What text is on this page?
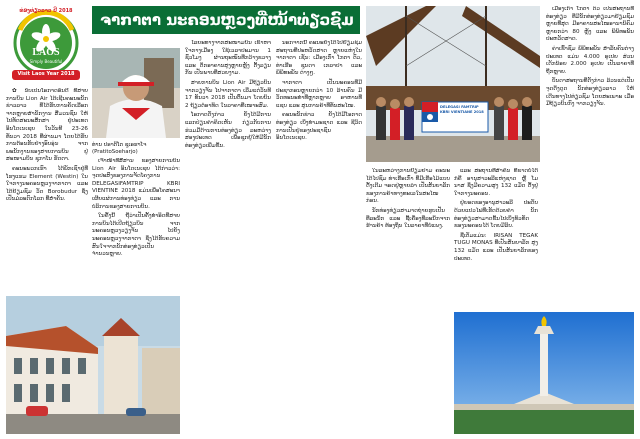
ທ່ອງທ່ຽວລາວ ປີ 2018
LAOS
Simply Beautiful
Visit Laos Year 2018
ຈາກາຕາ ນະຄອນຫຼວງທີ່ໜ້າທ່ຽວຊົມ

✿ ນັບເປັນໂອກາດອັນດີ ທີ່ສາຍການບິນ Lion Air ໄດ້ເຊີນຄະນະນັກຂ່າວລາວ ທີ່ໄດ້ຮັບການຄັດເລືອກ ຈາກຫຼາຍສຳນັກງານ ສື່ມວນຊົນ ໃຫ້ໄປທັດສະນະສຶກສາ ຢູ່ປະເທດອິນໂດເນເຊຍ ໃນວັນທີ 23-26 ທັນວາ 2018 ທີ່ຜ່ານມາ ໂດຍໄດ້ຮັບການຕ້ອນຮັບຢ່າງອົບອຸ່ນ ຈາກພະນັກງານຂອງສາຍການບິນ ຢູ່ສະໜາມບິນ ຊຸກາໂນ ຮັດຕາ.

ຄະນະພວກເຮົາ ໄດ້ພັກເຊົາຢູ່ທີ່ໂຮງແຮມ Element (Westin) ໃນໃຈກາງນະຄອນຫຼວງຈາກາຕາ ແລະ ໄດ້ຢ້ຽມຊົມ ວັດ Borobudur ຊຶ່ງເປັນມໍລະດົກໂລກ ທີ່ສຳຄັນ.

ທ່ານ ປຣາຕິໂຕ ຊູເອຮາໂຈ (PratitoSoeharjo)

ເຈົ້າໜ້າທີ່ສື່ສານ ຂອງສາຍການບິນ Lion Air ອິນໂດເນເຊຍ ໄດ້ກ່າວວ່າ: ຈຸດປະສົງຂອງການຈັດໂຄງການ DELEGASIFAMTRIP KBRI VIENTINE 2018 ແມ່ນເພື່ອໂຄສະນາເຜີຍແຜ່ການທ່ອງທ່ຽວ ແລະ ການບໍລິການຂອງສາຍການບິນ.

ໃນຄັ້ງນີ້ ຖືວ່າເປັນຄັ້ງທຳອິດທີ່ສາຍການບິນໄດ້ເປີດຖ້ຽວບິນ ຈາກນະຄອນຫຼວງວຽງຈັນ ໄປຍັງນະຄອນຫຼວງຈາກາຕາ ຊຶ່ງໄດ້ຮັບຄວາມສົນໃຈຈາກນັກທ່ອງທ່ຽວເປັນຈຳນວນຫຼາຍ.

ໄລຍະທາງຈາກສະໜາມບິນ ເຂົ້າຫາໃຈກາງເມືອງ ໃຊ້ເວລາປະມານ 1 ຊົ່ວໂມງ ຜ່ານຖະໜົນທີ່ກວ້າງຂວາງ ແລະ ຕຶກອາຄານສູງຫຼາຍຫຼັງ ຕັ້ງລຽນກັນ ເປັນພາບທີ່ສວຍງາມ.

ສາຍການບິນ Lion Air ມີຖ້ຽວບິນ ຈາກວຽງຈັນ ໄປຈາກາຕາ ເລີ່ມແຕ່ວັນທີ 17 ທັນວາ 2018 ເປັນຕົ້ນມາ ໂດຍບິນ 2 ຖ້ຽວຕໍ່ອາທິດ ໃນລາຄາທີ່ເໝາະສົມ.

ໂອກາດດັ່ງກ່າວ ຍັງໄດ້ມີການແລກປ່ຽນຄຳຄິດເຫັນ ກ່ຽວກັບການຮ່ວມມືດ້ານການທ່ອງທ່ຽວ ລະຫວ່າງສອງປະເທດ ເພື່ອຊຸກຍູ້ໃຫ້ມີນັກທ່ອງທ່ຽວເພີ່ມຂຶ້ນ.

ນອກຈາກນີ້ ຄະນະຍັງໄດ້ໄປຢ້ຽມຊົມ ສະຖານທີ່ປະຫວັດສາດ ຫຼາຍແຫ່ງໃນຈາກາຕາ ເຊັ່ນ: ເມືອງເກົ່າ ໂກຕາ ຕົວ, ທ່າເຮືອ ຊຸນດາ ເກລາປາ ແລະ ພິພິທະພັນ ຕ່າງໆ.

ຈາກາຕາ ເປັນນະຄອນທີ່ມີປະຊາກອນຫຼາຍກວ່າ 10 ລ້ານຄົນ ມີວັດທະນະທຳທີ່ຫຼາກຫຼາຍ ອາຫານທີ່ແຊບ ແລະ ສູນການຄ້າທີ່ທັນສະໄໝ.

ຄະນະນັກຂ່າວ ຍັງໄດ້ມີໂອກາດທ່ອງທ່ຽວ ເບິ່ງທຳມະຊາດ ແລະ ຊີວິດການເປັນຢູ່ຂອງປະຊາຊົນ ອິນໂດເນເຊຍ.

DELEGASI FAMTRIP KBRI VIENTIANE 2018

ໃນລະຫວ່າງການຢ້ຽມຢາມ ຄະນະໄດ້ໄປຊົມ ທ່າເຮືອເກົ່າ ທີ່ມີເຮືອໄມ້ແບບດັ້ງເດີມ ຈອດຢູ່ຫຼາຍລຳ ເປັນສັນຍາລັກຂອງການຄ້າທາງທະເລໃນສະໄໝກ່ອນ.

ນັກທ່ອງທ່ຽວສາມາດຖ່າຍຮູບເປັນທີ່ລະນຶກ ແລະ ຊື້ເຄື່ອງທີ່ລະນຶກຈາກຮ້ານຄ້າ ທ້ອງຖິ່ນ ໃນລາຄາທີ່ບໍ່ແພງ.

ແລະ ສະຖານທີ່ສຳຄັນ ທີ່ຂາດບໍ່ໄດ້ ກໍຄື ອານຸສາວະລີແຫ່ງຊາດ ຫຼື ໂມນາສ ຊຶ່ງມີຄວາມສູງ 132 ແມັດ ຕັ້ງຢູ່ໃຈກາງນະຄອນ.

ຢູ່ຍອດຂອງອານຸສາວະລີ ປະດັບດ້ວຍແປວໄຟທີ່ເຮັດດ້ວຍຄຳ ນັກທ່ອງທ່ຽວສາມາດຂຶ້ນໄປເບິ່ງທິວທັດ ຂອງນະຄອນໄດ້ ໂດຍມີລິບ.

ຊື່ເຕັມແມ່ນ: IRISAN TEGAK TUGU MONAS ທີ່ເປັນສັນຍາລັກ ສູງ 132 ແມັດ ແລະ ເປັນສັນຍາລັກຂອງປະເທດ.

ເມືອງເກົ່າ ໂກຕາ ຕົວ ເປັນສະຖານທີ່ທ່ອງທ່ຽວ ທີ່ມີນັກທ່ອງທ່ຽວມາຢ້ຽມຊົມຫຼາຍທີ່ສຸດ ມີອາຄານສະໄໝອານານິຄົມ ຫຼາຍກວ່າ 80 ຫຼັງ ແລະ ພິພິທະພັນ ປະຫວັດສາດ.

ຄ່າເຂົ້າຊົມ ພິພິທະພັນ ສຳລັບຄົນຕ່າງປະເທດ ແມ່ນ 4.000 ຣູເປຍ ສ່ວນເດັກນ້ອຍ 2.000 ຣູເປຍ ເປັນລາຄາທີ່ຖືກຫຼາຍ.

ບັນດາສະຖານທີ່ດັ່ງກ່າວ ລ້ວນແຕ່ເປັນຈຸດດຶງດູດ ນັກທ່ອງທ່ຽວລາວ ໃຫ້ເດີນທາງໄປທ່ຽວຊົມ ໂດຍສະເພາະ ເມື່ອມີຖ້ຽວບິນກົງ ຈາກວຽງຈັນ.
